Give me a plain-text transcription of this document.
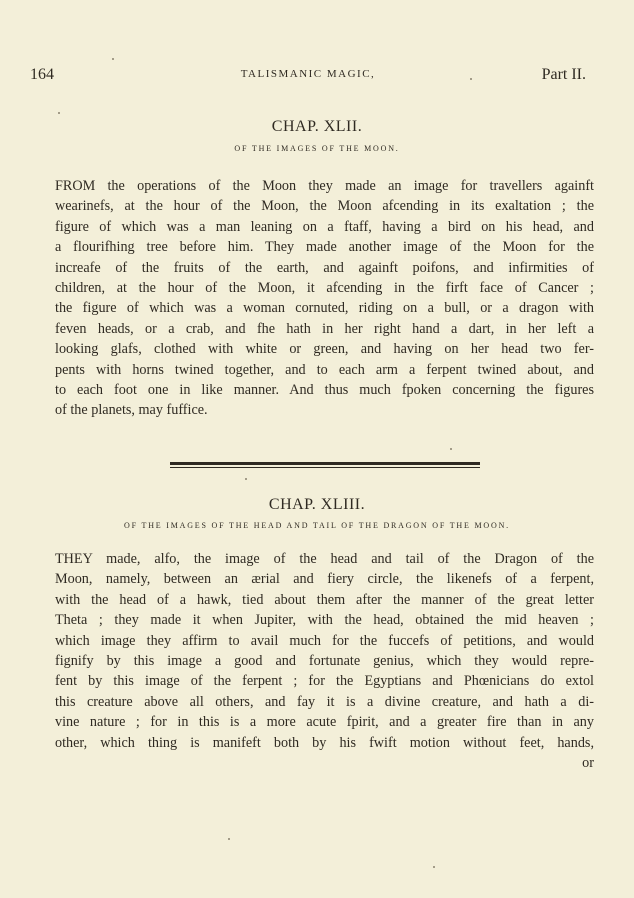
164	TALISMANIC MAGIC,	Part II.
CHAP. XLII.
OF THE IMAGES OF THE MOON.
FROM the operations of the Moon they made an image for travellers againft
wearinefs, at the hour of the Moon, the Moon afcending in its exaltation ; the
figure of which was a man leaning on a ftaff, having a bird on his head, and
a flourifhing tree before him. They made another image of the Moon for the
increafe of the fruits of the earth, and againft poifons, and infirmities of
children, at the hour of the Moon, it afcending in the firft face of Cancer ;
the figure of which was a woman cornuted, riding on a bull, or a dragon with
feven heads, or a crab, and fhe hath in her right hand a dart, in her left a
looking glafs, clothed with white or green, and having on her head two fer-
pents with horns twined together, and to each arm a ferpent twined about, and
to each foot one in like manner. And thus much fpoken concerning the figures
of the planets, may fuffice.
CHAP. XLIII.
OF THE IMAGES OF THE HEAD AND TAIL OF THE DRAGON OF THE MOON.
THEY made, alfo, the image of the head and tail of the Dragon of the
Moon, namely, between an ærial and fiery circle, the likenefs of a ferpent,
with the head of a hawk, tied about them after the manner of the great letter
Theta ; they made it when Jupiter, with the head, obtained the mid heaven ;
which image they affirm to avail much for the fuccefs of petitions, and would
fignify by this image a good and fortunate genius, which they would repre-
fent by this image of the ferpent ; for the Egyptians and Phœnicians do extol
this creature above all others, and fay it is a divine creature, and hath a di-
vine nature ; for in this is a more acute fpirit, and a greater fire than in any
other, which thing is manifeft both by his fwift motion without feet, hands,
or
